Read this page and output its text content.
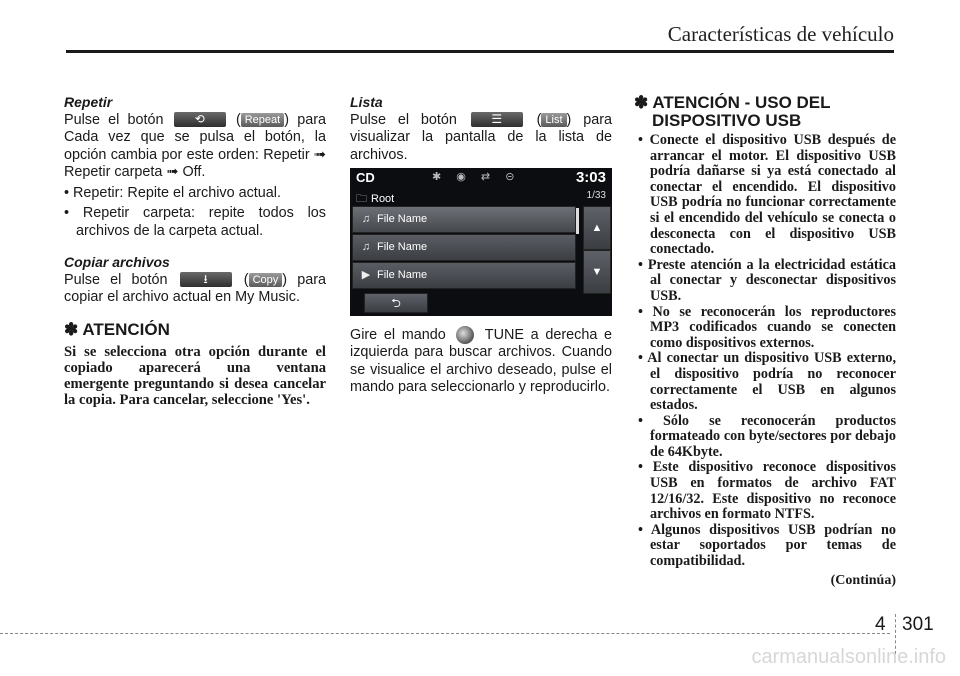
Características de vehículo

Repetir

Pulse el botón	⟲	( Repeat ) para Cada vez que se pulsa el botón, la opción cambia por este orden: Repetir ➟ Repetir carpeta ➟ Off.

• Repetir: Repite el archivo actual.

• Repetir carpeta: repite todos los archivos de la carpeta actual.

Copiar archivos

Pulse el botón	⭳	( Copy ) para copiar el archivo actual en My Music.

✽ ATENCIÓN

Si se selecciona otra opción durante el copiado aparecerá una ventana emergente preguntando si desea cancelar la copia. Para cancelar, seleccione 'Yes'.

Lista

Pulse el botón	☰	( List ) para visualizar la pantalla de la lista de archivos.

CD	✱ ◉ ⇄ ⊝	3:03
🗀 Root	1/33
♫ File Name
♫ File Name
▶ File Name
▲
▼
⮌

Gire el mando	TUNE a derecha e izquierda para buscar archivos. Cuando se visualice el archivo deseado, pulse el mando para seleccionarlo y reproducirlo.

✽ ATENCIÓN - USO DEL

DISPOSITIVO USB

• Conecte el dispositivo USB después de arrancar el motor. El dispositivo USB podría dañarse si ya está conectado al conectar el encendido. El dispositivo USB podría no funcionar correctamente si el encendido del vehículo se conecta o desconecta con el dispositivo USB conectado.

• Preste atención a la electricidad estática al conectar y desconectar dispositivos USB.

• No se reconocerán los reproductores MP3 codificados cuando se conecten como dispositivos externos.

• Al conectar un dispositivo USB externo, el dispositivo podría no reconocer correctamente el USB en algunos estados.

• Sólo se reconocerán productos formateado con byte/sectores por debajo de 64Kbyte.

• Este dispositivo reconoce dispositivos USB en formatos de archivo FAT 12/16/32. Este dispositivo no reconoce archivos en formato NTFS.

• Algunos dispositivos USB podrían no estar soportados por temas de compatibilidad.

(Continúa)
4 301
carmanualsonline.info
